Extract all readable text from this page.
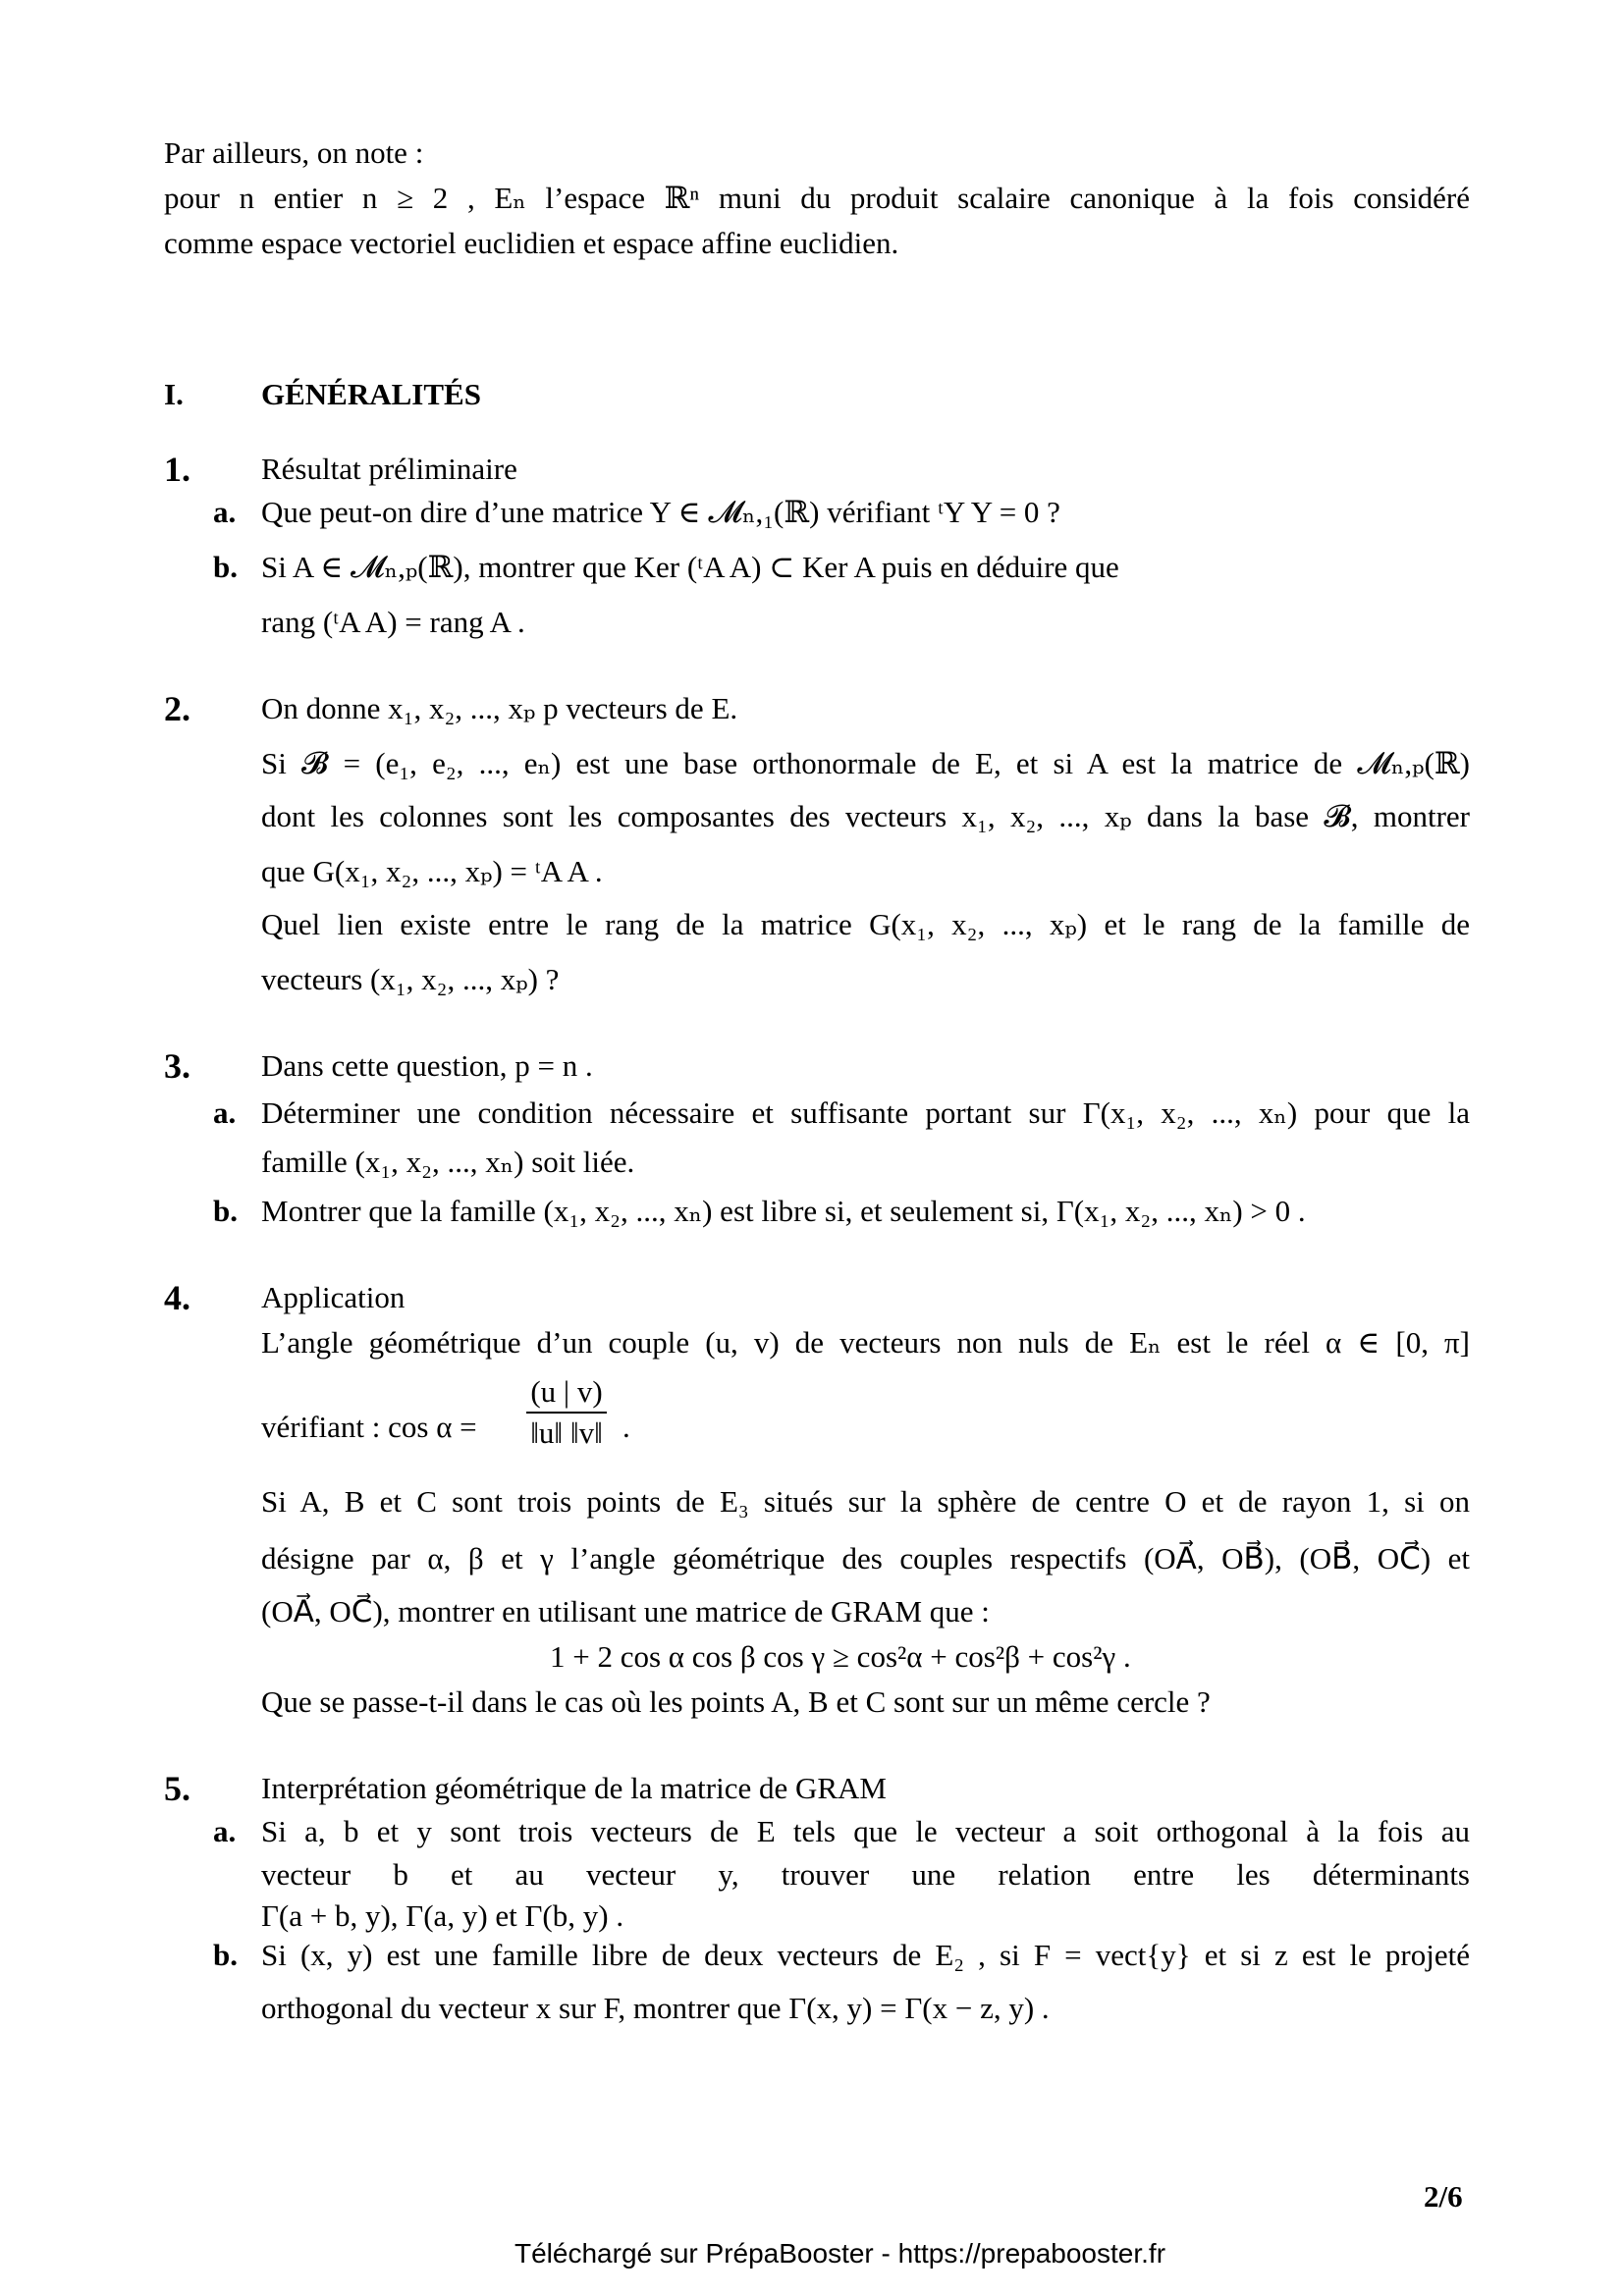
Par ailleurs, on note :
pour n entier n ≥ 2 , Eₙ l’espace ℝⁿ muni du produit scalaire canonique à la fois considéré
comme espace vectoriel euclidien et espace affine euclidien.
I.	GÉNÉRALITÉS
1. Résultat préliminaire
a. Que peut-on dire d’une matrice Y ∈ 𝓜ₙ,₁(ℝ) vérifiant ᵗY Y = 0 ?
b. Si A ∈ 𝓜ₙ,ₚ(ℝ), montrer que Ker (ᵗA A) ⊂ Ker A puis en déduire que
rang (ᵗA A) = rang A .
2. On donne x₁, x₂, ..., xₚ p vecteurs de E.
Si 𝓑 = (e₁, e₂, ..., eₙ) est une base orthonormale de E, et si A est la matrice de 𝓜ₙ,ₚ(ℝ)
dont les colonnes sont les composantes des vecteurs x₁, x₂, ..., xₚ dans la base 𝓑, montrer
que G(x₁, x₂, ..., xₚ) = ᵗA A .
Quel lien existe entre le rang de la matrice G(x₁, x₂, ..., xₚ) et le rang de la famille de
vecteurs (x₁, x₂, ..., xₚ) ?
3. Dans cette question, p = n .
a. Déterminer une condition nécessaire et suffisante portant sur Γ(x₁, x₂, ..., xₙ) pour que la
famille (x₁, x₂, ..., xₙ) soit liée.
b. Montrer que la famille (x₁, x₂, ..., xₙ) est libre si, et seulement si, Γ(x₁, x₂, ..., xₙ) > 0 .
4. Application
L’angle géométrique d’un couple (u, v) de vecteurs non nuls de Eₙ est le réel α ∈ [0, π]
vérifiant : cos α =
(u | v)
‖u‖ ‖v‖ .
Si A, B et C sont trois points de E₃ situés sur la sphère de centre O et de rayon 1, si on
désigne par α, β et γ l’angle géométrique des couples respectifs (OA⃗, OB⃗), (OB⃗, OC⃗) et
(OA⃗, OC⃗), montrer en utilisant une matrice de GRAM que :
1 + 2 cos α cos β cos γ ≥ cos²α + cos²β + cos²γ .
Que se passe-t-il dans le cas où les points A, B et C sont sur un même cercle ?
5. Interprétation géométrique de la matrice de GRAM
a. Si a, b et y sont trois vecteurs de E tels que le vecteur a soit orthogonal à la fois au
vecteur b et au vecteur y, trouver une relation entre les déterminants
Γ(a + b, y), Γ(a, y) et Γ(b, y) .
b. Si (x, y) est une famille libre de deux vecteurs de E₂ , si F = vect{y} et si z est le projeté
orthogonal du vecteur x sur F, montrer que Γ(x, y) = Γ(x − z, y) .
2/6
Téléchargé sur PrépaBooster - https://prepabooster.fr
